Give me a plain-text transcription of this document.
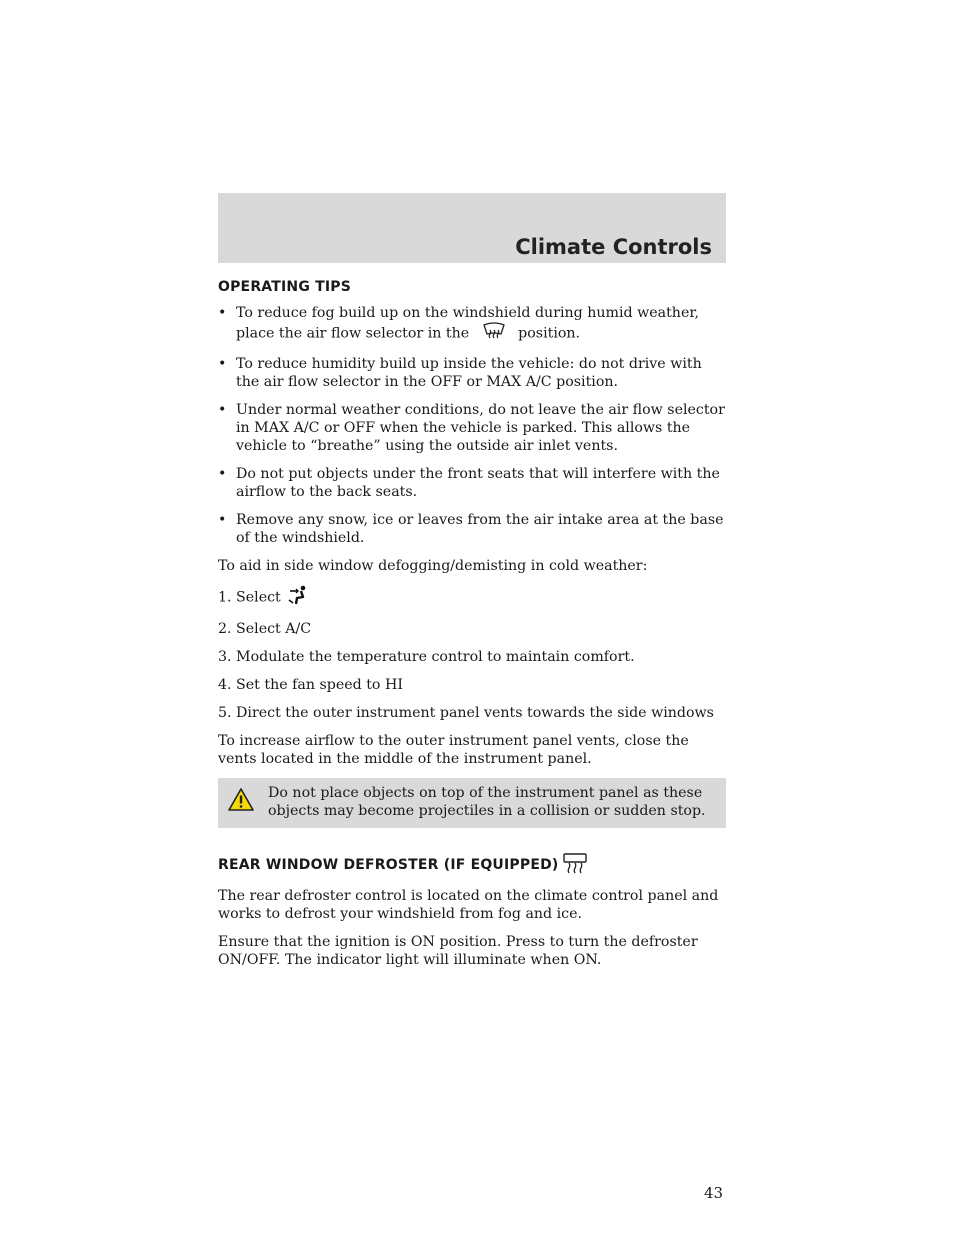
Climate Controls
OPERATING TIPS
• To reduce fog build up on the windshield during humid weather, place the air flow selector in the	position.
• To reduce humidity build up inside the vehicle: do not drive with the air flow selector in the OFF or MAX A/C position.
• Under normal weather conditions, do not leave the air flow selector in MAX A/C or OFF when the vehicle is parked. This allows the vehicle to “breathe” using the outside air inlet vents.
• Do not put objects under the front seats that will interfere with the airflow to the back seats.
• Remove any snow, ice or leaves from the air intake area at the base of the windshield.
To aid in side window defogging/demisting in cold weather:
1. Select
2. Select A/C
3. Modulate the temperature control to maintain comfort.
4. Set the fan speed to HI
5. Direct the outer instrument panel vents towards the side windows
To increase airflow to the outer instrument panel vents, close the vents located in the middle of the instrument panel.
Do not place objects on top of the instrument panel as these objects may become projectiles in a collision or sudden stop.
REAR WINDOW DEFROSTER (IF EQUIPPED)
The rear defroster control is located on the climate control panel and works to defrost your windshield from fog and ice.
Ensure that the ignition is ON position. Press to turn the defroster ON/OFF. The indicator light will illuminate when ON.
43
